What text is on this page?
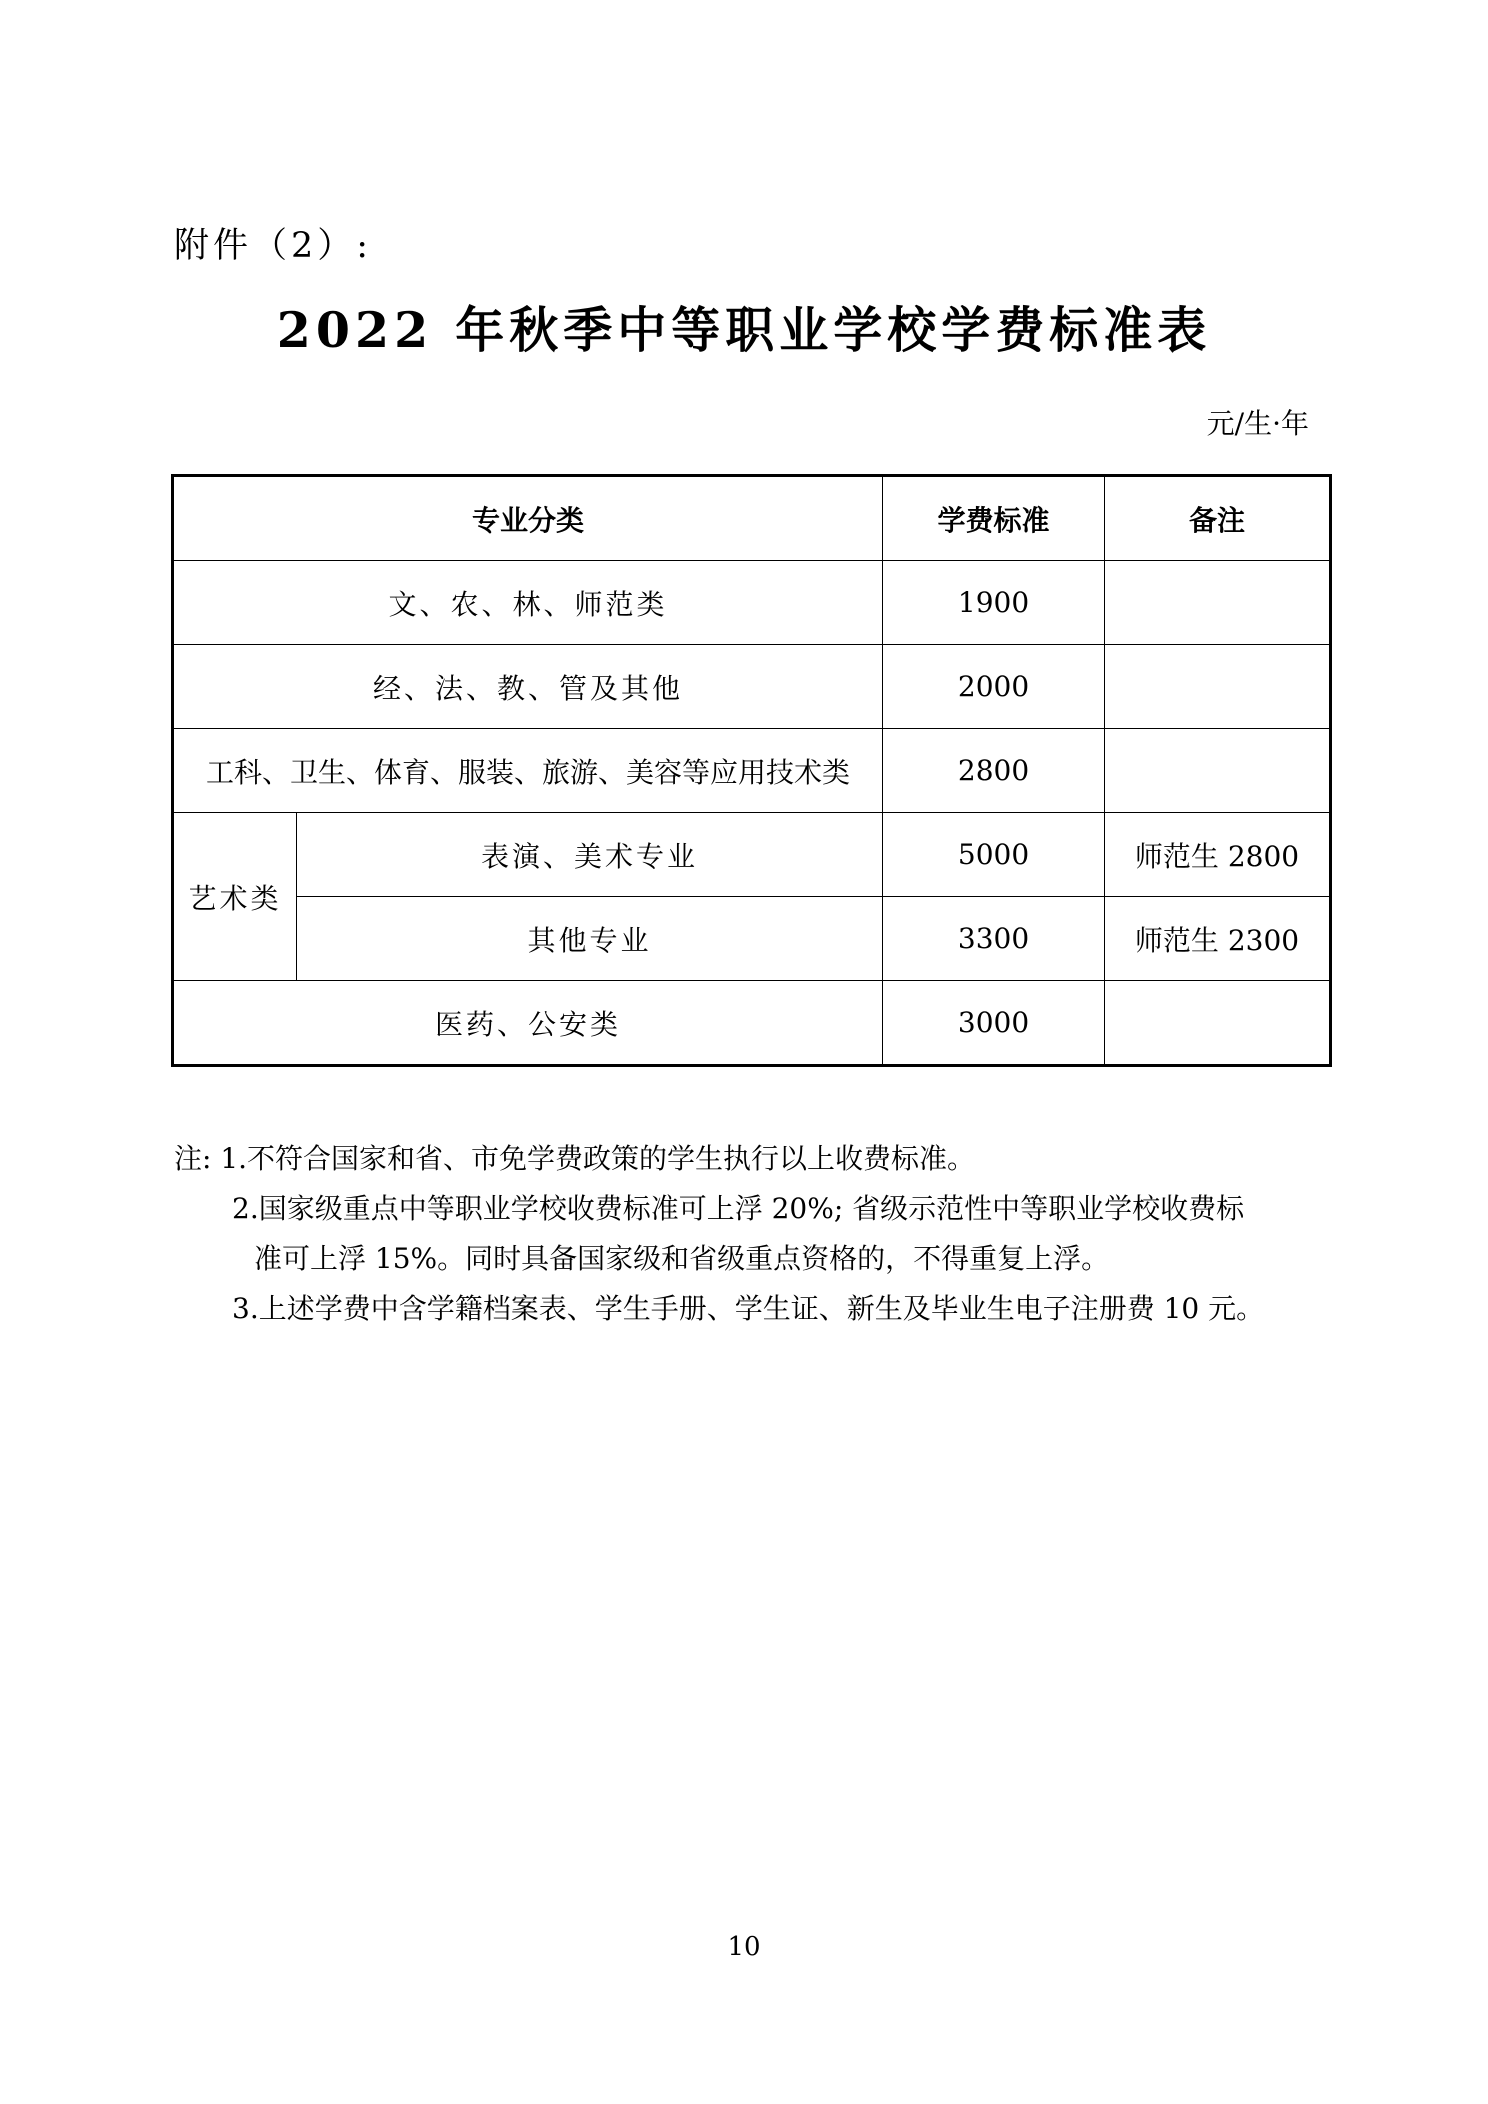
附件（2）:
2022 年秋季中等职业学校学费标准表
元/生·年
专业分类		学费标准	备注
文、农、林、师范类		1900	
经、法、教、管及其他		2000	
工科、卫生、体育、服装、旅游、美容等应用技术类		2800	
艺术类	表演、美术专业	5000	师范生 2800
	其他专业	3300	师范生 2300
医药、公安类		3000	
注: 1.不符合国家和省、市免学费政策的学生执行以上收费标准。
2.国家级重点中等职业学校收费标准可上浮 20%; 省级示范性中等职业学校收费标
准可上浮 15%。同时具备国家级和省级重点资格的，不得重复上浮。
3.上述学费中含学籍档案表、学生手册、学生证、新生及毕业生电子注册费 10 元。
10
